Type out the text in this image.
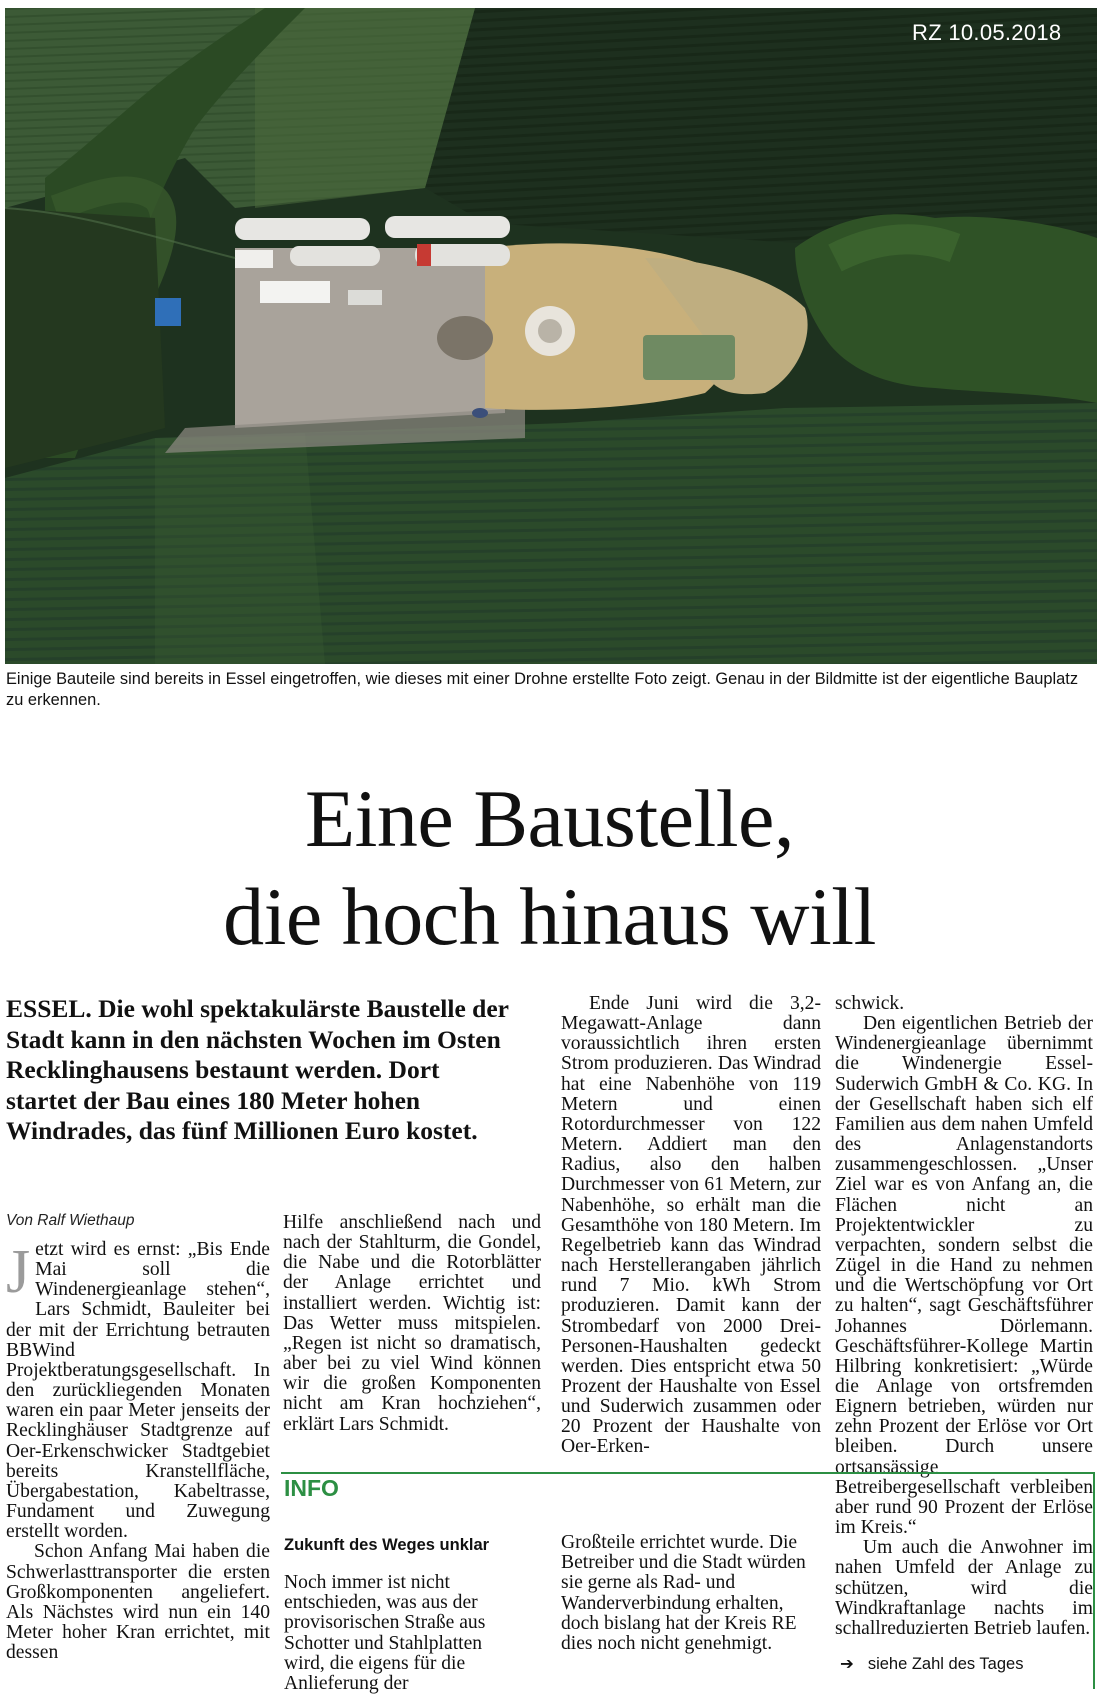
RZ 10.05.2018
Einige Bauteile sind bereits in Essel eingetroffen, wie dieses mit einer Drohne erstellte Foto zeigt. Genau in der Bildmitte ist der eigentliche Bauplatz zu erkennen.
Eine Baustelle,
die hoch hinaus will
ESSEL. Die wohl spektakulärste Baustelle der Stadt kann in den nächsten Wochen im Osten Recklinghausens bestaunt werden. Dort startet der Bau eines 180 Meter hohen Windrades, das fünf Millionen Euro kostet.
Von Ralf Wiethaup

Jetzt wird es ernst: „Bis Ende Mai soll die Windenergieanlage stehen“, Lars Schmidt, Bauleiter bei der mit der Errichtung betrauten BBWind Projektberatungsgesellschaft. In den zurückliegenden Monaten waren ein paar Meter jenseits der Recklinghäuser Stadtgrenze auf Oer-Erkenschwicker Stadtgebiet bereits Kranstellfläche, Übergabestation, Kabeltrasse, Fundament und Zuwegung erstellt worden.

Schon Anfang Mai haben die Schwerlasttransporter die ersten Großkomponenten angeliefert. Als Nächstes wird nun ein 140 Meter hoher Kran errichtet, mit dessen

Hilfe anschließend nach und nach der Stahlturm, die Gondel, die Nabe und die Rotorblätter der Anlage errichtet und installiert werden. Wichtig ist: Das Wetter muss mitspielen. „Regen ist nicht so dramatisch, aber bei zu viel Wind können wir die großen Komponenten nicht am Kran hochziehen“, erklärt Lars Schmidt.

Ende Juni wird die 3,2-Megawatt-Anlage dann voraussichtlich ihren ersten Strom produzieren. Das Windrad hat eine Nabenhöhe von 119 Metern und einen Rotordurchmesser von 122 Metern. Addiert man den Radius, also den halben Durchmesser von 61 Metern, zur Nabenhöhe, so erhält man die Gesamthöhe von 180 Metern. Im Regelbetrieb kann das Windrad nach Herstellerangaben jährlich rund 7 Mio. kWh Strom produzieren. Damit kann der Strombedarf von 2000 Drei-Personen-Haushalten gedeckt werden. Dies entspricht etwa 50 Prozent der Haushalte von Essel und Suderwich zusammen oder 20 Prozent der Haushalte von Oer-Erken-

schwick.

Den eigentlichen Betrieb der Windenergieanlage übernimmt die Windenergie Essel-Suderwich GmbH & Co. KG. In der Gesellschaft haben sich elf Familien aus dem nahen Umfeld des Anlagenstandorts zusammengeschlossen. „Unser Ziel war es von Anfang an, die Flächen nicht an Projektentwickler zu verpachten, sondern selbst die Zügel in die Hand zu nehmen und die Wertschöpfung vor Ort zu halten“, sagt Geschäftsführer Johannes Dörlemann. Geschäftsführer-Kollege Martin Hilbring konkretisiert: „Würde die Anlage von ortsfremden Eignern betrieben, würden nur zehn Prozent der Erlöse vor Ort bleiben. Durch unsere ortsansässige Betreibergesellschaft verbleiben aber rund 90 Prozent der Erlöse im Kreis.“

Um auch die Anwohner im nahen Umfeld der Anlage zu schützen, wird die Windkraftanlage nachts im schallreduzierten Betrieb laufen.

INFO
Zukunft des Weges unklar
Noch immer ist nicht entschieden, was aus der provisorischen Straße aus Schotter und Stahlplatten wird, die eigens für die Anlieferung der
Großteile errichtet wurde. Die Betreiber und die Stadt würden sie gerne als Rad- und Wanderverbindung erhalten, doch bislang hat der Kreis RE dies noch nicht genehmigt.
➔ siehe Zahl des Tages
